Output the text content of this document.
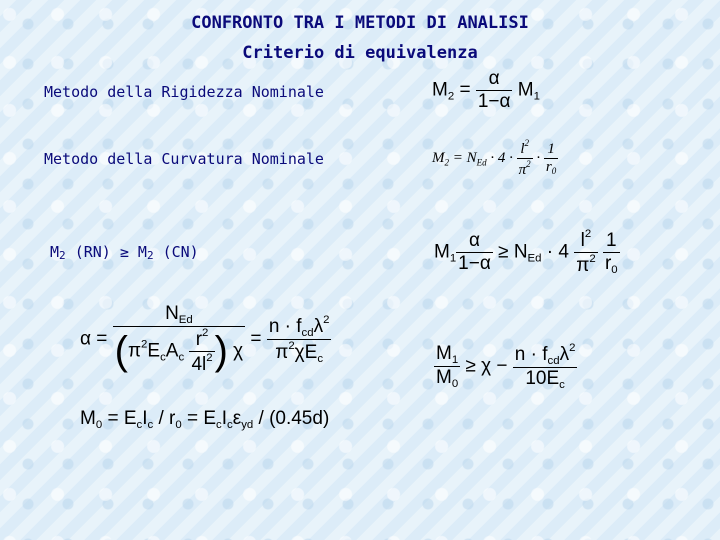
CONFRONTO TRA I METODI DI ANALISI
Criterio di equivalenza
Metodo della Rigidezza Nominale
Metodo della Curvatura Nominale
$M_2$ $(RN) \ge M_2$ (CN)
$M_2 = \frac{\alpha}{1-\alpha} M_1$
$M_2 = N_{Ed} \cdot 4 \cdot \frac{l^2}{\pi^2} \cdot \frac{1}{r_0}$
$M_1 \frac{\alpha}{1-\alpha} \ge N_{Ed} \cdot 4 \frac{l^2}{\pi^2}$
$\frac{1}{r_0}$
$\alpha = \frac{N_{Ed}}{(\pi^2E_cA_c \frac{r^2}{4l^2} ) \chi} = \frac{n \cdot f_{cd}\lambda^2}{\pi^2\chi E_c}$
$\frac{M_1}{M_0} \ge \chi - \frac{n \cdot f_{cd}\lambda^2}{10E_c}$
$M_0 = E_cI_c / r_0 = E_cI_c\varepsilon_{yd} / (0.45d)$
